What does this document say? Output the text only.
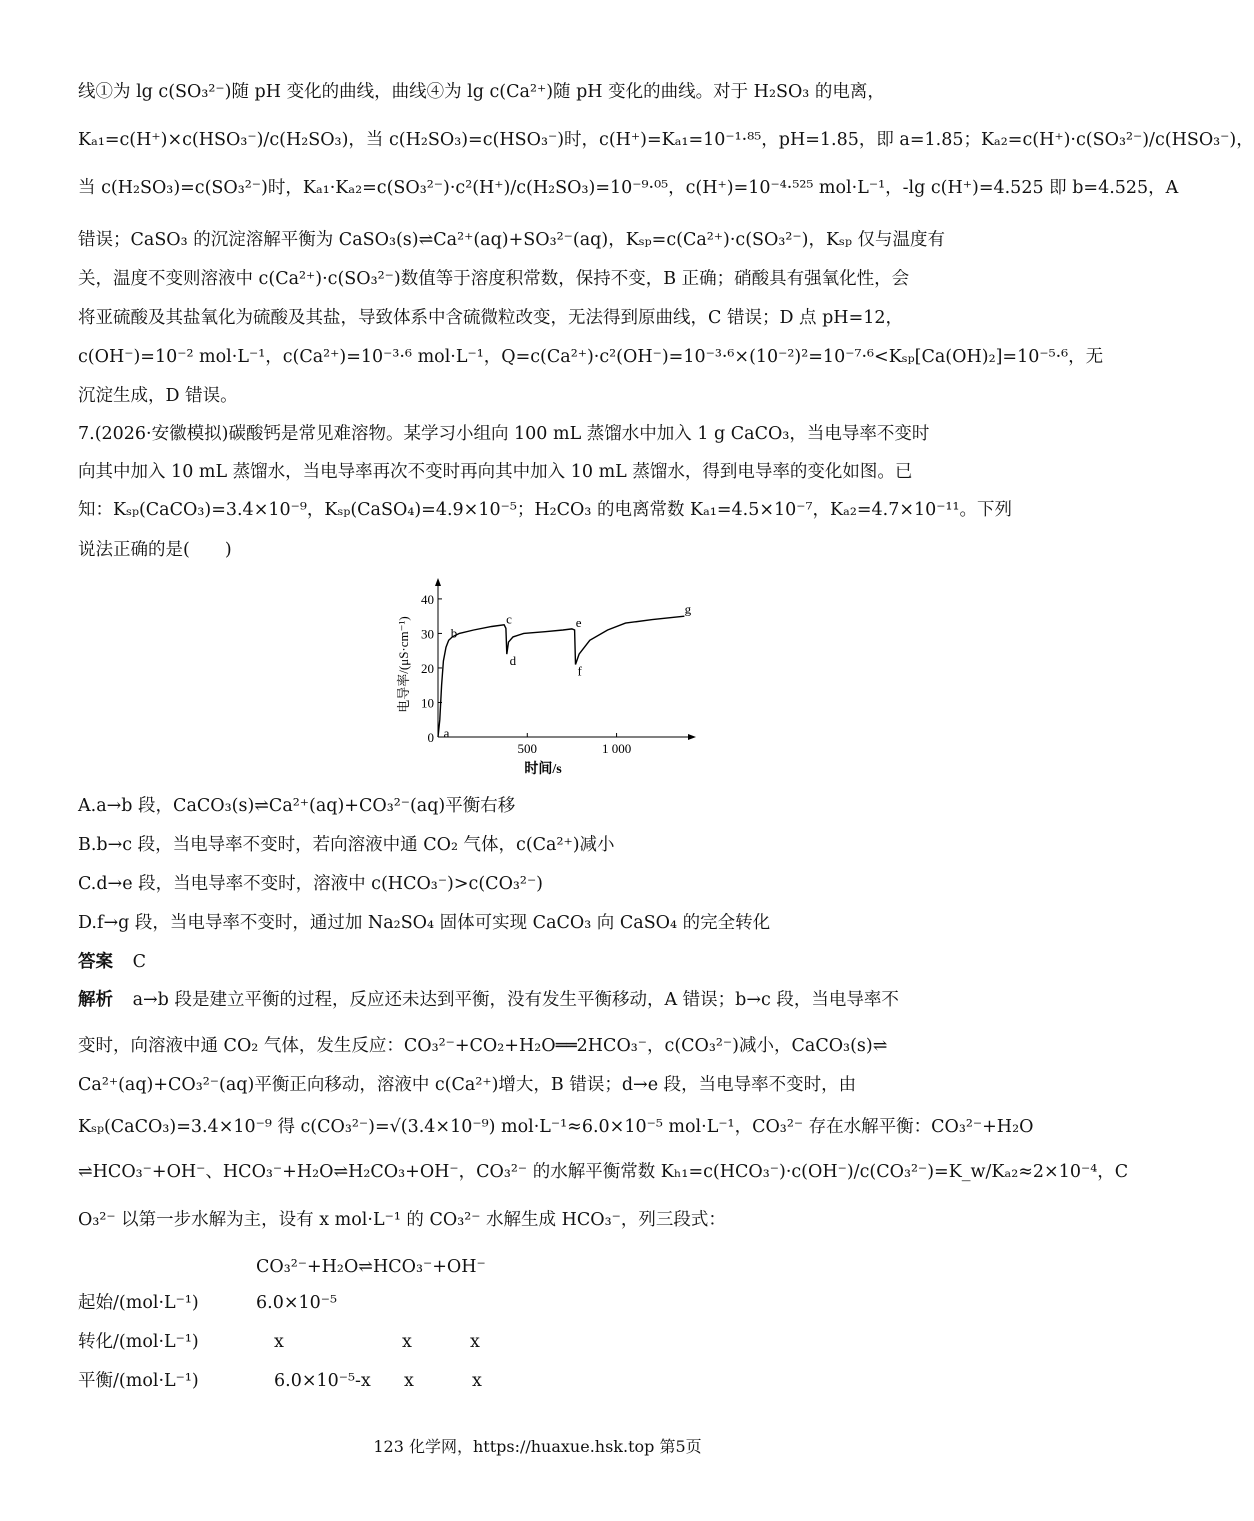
线①为 lg c(SO₃²⁻)随 pH 变化的曲线，曲线④为 lg c(Ca²⁺)随 pH 变化的曲线。对于 H₂SO₃ 的电离，
Kₐ₁=c(H⁺)×c(HSO₃⁻)/c(H₂SO₃)，当 c(H₂SO₃)=c(HSO₃⁻)时，c(H⁺)=Kₐ₁=10⁻¹·⁸⁵，pH=1.85，即 a=1.85；Kₐ₂=c(H⁺)·c(SO₃²⁻)/c(HSO₃⁻)，
当 c(H₂SO₃)=c(SO₃²⁻)时，Kₐ₁·Kₐ₂=c(SO₃²⁻)·c²(H⁺)/c(H₂SO₃)=10⁻⁹·⁰⁵，c(H⁺)=10⁻⁴·⁵²⁵ mol·L⁻¹，-lg c(H⁺)=4.525 即 b=4.525，A
错误；CaSO₃ 的沉淀溶解平衡为 CaSO₃(s)⇌Ca²⁺(aq)+SO₃²⁻(aq)，Kₛₚ=c(Ca²⁺)·c(SO₃²⁻)，Kₛₚ 仅与温度有
关，温度不变则溶液中 c(Ca²⁺)·c(SO₃²⁻)数值等于溶度积常数，保持不变，B 正确；硝酸具有强氧化性，会
将亚硫酸及其盐氧化为硫酸及其盐，导致体系中含硫微粒改变，无法得到原曲线，C 错误；D 点 pH=12，
c(OH⁻)=10⁻² mol·L⁻¹，c(Ca²⁺)=10⁻³·⁶ mol·L⁻¹，Q=c(Ca²⁺)·c²(OH⁻)=10⁻³·⁶×(10⁻²)²=10⁻⁷·⁶<Kₛₚ[Ca(OH)₂]=10⁻⁵·⁶，无
沉淀生成，D 错误。
7.(2026·安徽模拟)碳酸钙是常见难溶物。某学习小组向 100 mL 蒸馏水中加入 1 g CaCO₃，当电导率不变时
向其中加入 10 mL 蒸馏水，当电导率再次不变时再向其中加入 10 mL 蒸馏水，得到电导率的变化如图。已
知：Kₛₚ(CaCO₃)=3.4×10⁻⁹，Kₛₚ(CaSO₄)=4.9×10⁻⁵；H₂CO₃ 的电离常数 Kₐ₁=4.5×10⁻⁷，Kₐ₂=4.7×10⁻¹¹。下列
说法正确的是(　　)
0
10
20
30
40
500	1 000
时间/s
电导率/(μS·cm⁻¹)
a
b
c
d
e
f
g
A.a→b 段，CaCO₃(s)⇌Ca²⁺(aq)+CO₃²⁻(aq)平衡右移
B.b→c 段，当电导率不变时，若向溶液中通 CO₂ 气体，c(Ca²⁺)减小
C.d→e 段，当电导率不变时，溶液中 c(HCO₃⁻)>c(CO₃²⁻)
D.f→g 段，当电导率不变时，通过加 Na₂SO₄ 固体可实现 CaCO₃ 向 CaSO₄ 的完全转化
答案 C
解析 a→b 段是建立平衡的过程，反应还未达到平衡，没有发生平衡移动，A 错误；b→c 段，当电导率不
变时，向溶液中通 CO₂ 气体，发生反应：CO₃²⁻+CO₂+H₂O══2HCO₃⁻，c(CO₃²⁻)减小，CaCO₃(s)⇌
Ca²⁺(aq)+CO₃²⁻(aq)平衡正向移动，溶液中 c(Ca²⁺)增大，B 错误；d→e 段，当电导率不变时，由
Kₛₚ(CaCO₃)=3.4×10⁻⁹ 得 c(CO₃²⁻)=√(3.4×10⁻⁹) mol·L⁻¹≈6.0×10⁻⁵ mol·L⁻¹，CO₃²⁻ 存在水解平衡：CO₃²⁻+H₂O
⇌HCO₃⁻+OH⁻、HCO₃⁻+H₂O⇌H₂CO₃+OH⁻，CO₃²⁻ 的水解平衡常数 Kₕ₁=c(HCO₃⁻)·c(OH⁻)/c(CO₃²⁻)=K_w/Kₐ₂≈2×10⁻⁴，C
O₃²⁻ 以第一步水解为主，设有 x mol·L⁻¹ 的 CO₃²⁻ 水解生成 HCO₃⁻，列三段式：
CO₃²⁻+H₂O⇌HCO₃⁻+OH⁻
起始/(mol·L⁻¹)	6.0×10⁻⁵
转化/(mol·L⁻¹)	x	x	x
平衡/(mol·L⁻¹)	6.0×10⁻⁵-x x	x
123 化学网，https://huaxue.hsk.top 第5页
